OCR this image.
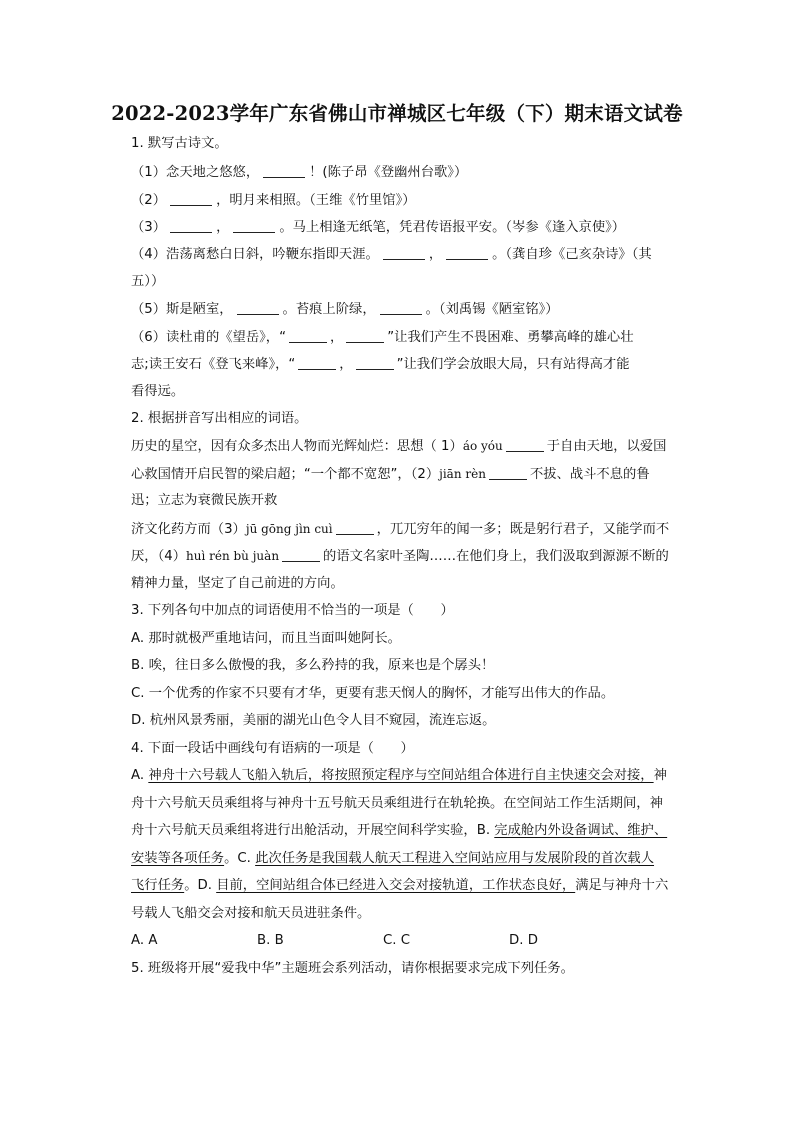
2022-2023学年广东省佛山市禅城区七年级（下）期末语文试卷
1. 默写古诗文。
（1）念天地之悠悠，	！(陈子昂《登幽州台歌》）
（2）	，明月来相照。（王维《竹里馆》）
（3）	，	。马上相逢无纸笔，凭君传语报平安。（岑参《逢入京使》）
（4）浩荡离愁白日斜，吟鞭东指即天涯。	，	。（龚自珍《己亥杂诗》（其
五））
（5）斯是陋室，	。苔痕上阶绿，	。（刘禹锡《陋室铭》）
（6）读杜甫的《望岳》，“	，	”让我们产生不畏困难、勇攀高峰的雄心壮
志;读王安石《登飞来峰》，“	，	”让我们学会放眼大局，只有站得高才能
看得远。
2. 根据拼音写出相应的词语。
历史的星空，因有众多杰出人物而光辉灿烂：思想（ 1）áo yóu	于自由天地，以爱国
心救国情开启民智的梁启超；“一个都不宽恕”，（2）jiān rèn	不拔、战斗不息的鲁
迅；立志为衰微民族开救
济文化药方而（3）jū gōng jìn cuì	，兀兀穷年的闻一多；既是躬行君子，又能学而不
厌，（4）huì rén bù juàn	的语文名家叶圣陶……在他们身上，我们汲取到源源不断的
精神力量，坚定了自己前进的方向。
3. 下列各句中加点的词语使用不恰当的一项是（　　）
A. 那时就极严重地诘问，而且当面叫她阿长。
B. 唉，往日多么傲慢的我，多么矜持的我，原来也是个孱头！
C. 一个优秀的作家不只要有才华，更要有悲天悯人的胸怀，才能写出伟大的作品。
D. 杭州风景秀丽，美丽的湖光山色令人目不窥园，流连忘返。
4. 下面一段话中画线句有语病的一项是（　　）
A. 神舟十六号载人飞船入轨后，将按照预定程序与空间站组合体进行自主快速交会对接，神
舟十六号航天员乘组将与神舟十五号航天员乘组进行在轨轮换。在空间站工作生活期间，神
舟十六号航天员乘组将进行出舱活动，开展空间科学实验，B. 完成舱内外设备调试、维护、
安装等各项任务。C. 此次任务是我国载人航天工程进入空间站应用与发展阶段的首次载人
飞行任务。D. 目前，空间站组合体已经进入交会对接轨道，工作状态良好，满足与神舟十六
号载人飞船交会对接和航天员进驻条件。
A. A	B. B	C. C	D. D
5. 班级将开展“爱我中华”主题班会系列活动，请你根据要求完成下列任务。
